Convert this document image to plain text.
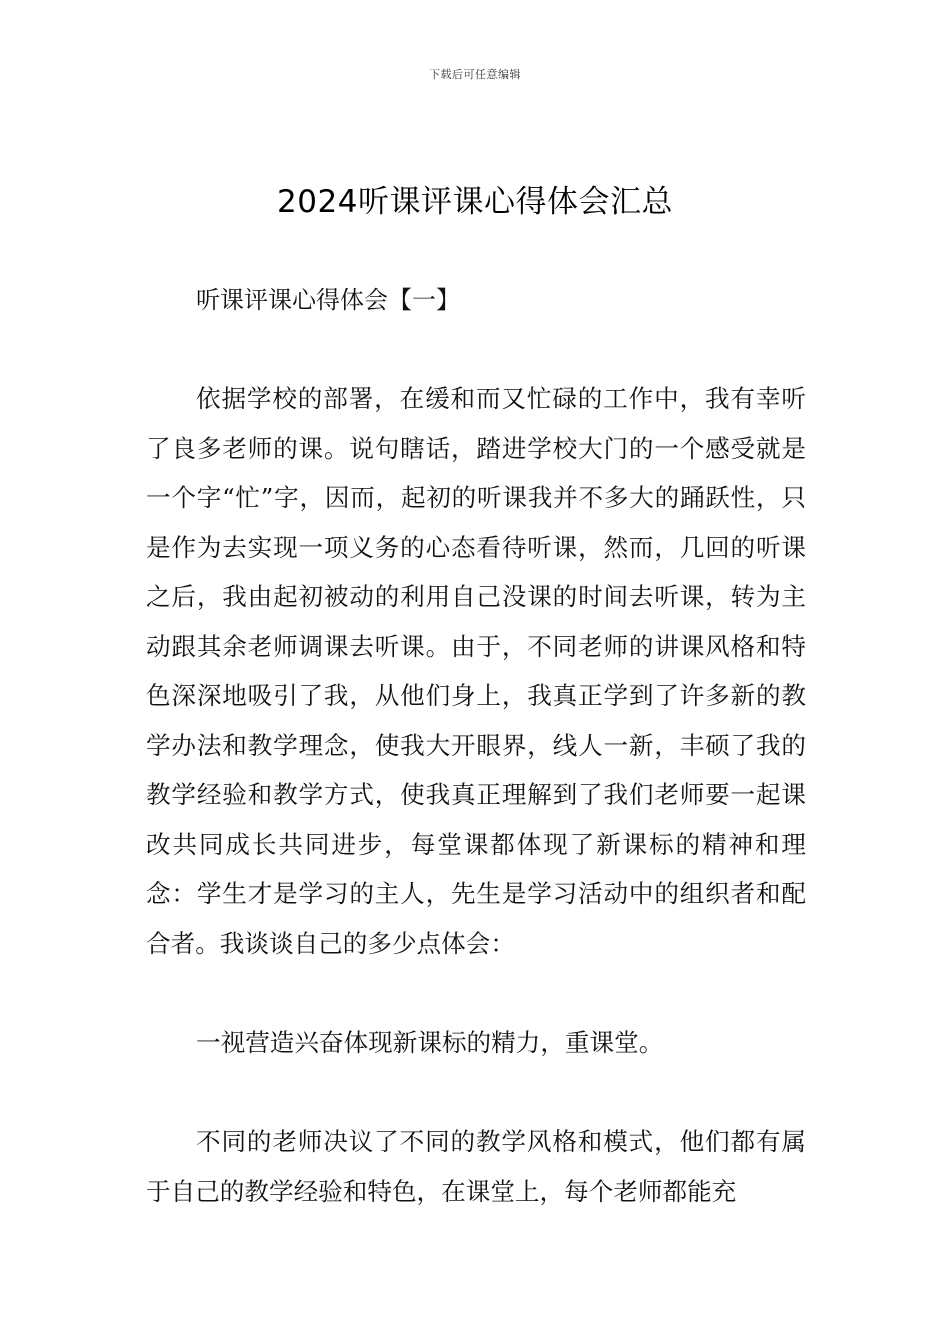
下载后可任意编辑
2024听课评课心得体会汇总
听课评课心得体会【一】

依据学校的部署，在缓和而又忙碌的工作中，我有幸听了良多老师的课。说句瞎话，踏进学校大门的一个感受就是一个字“忙”字，因而，起初的听课我并不多大的踊跃性，只是作为去实现一项义务的心态看待听课，然而，几回的听课之后，我由起初被动的利用自己没课的时间去听课，转为主动跟其余老师调课去听课。由于，不同老师的讲课风格和特色深深地吸引了我，从他们身上，我真正学到了许多新的教学办法和教学理念，使我大开眼界，线人一新，丰硕了我的教学经验和教学方式，使我真正理解到了我们老师要一起课改共同成长共同进步，每堂课都体现了新课标的精神和理念：学生才是学习的主人，先生是学习活动中的组织者和配合者。我谈谈自己的多少点体会：

一视营造兴奋体现新课标的精力，重课堂。

不同的老师决议了不同的教学风格和模式，他们都有属于自己的教学经验和特色，在课堂上，每个老师都能充
